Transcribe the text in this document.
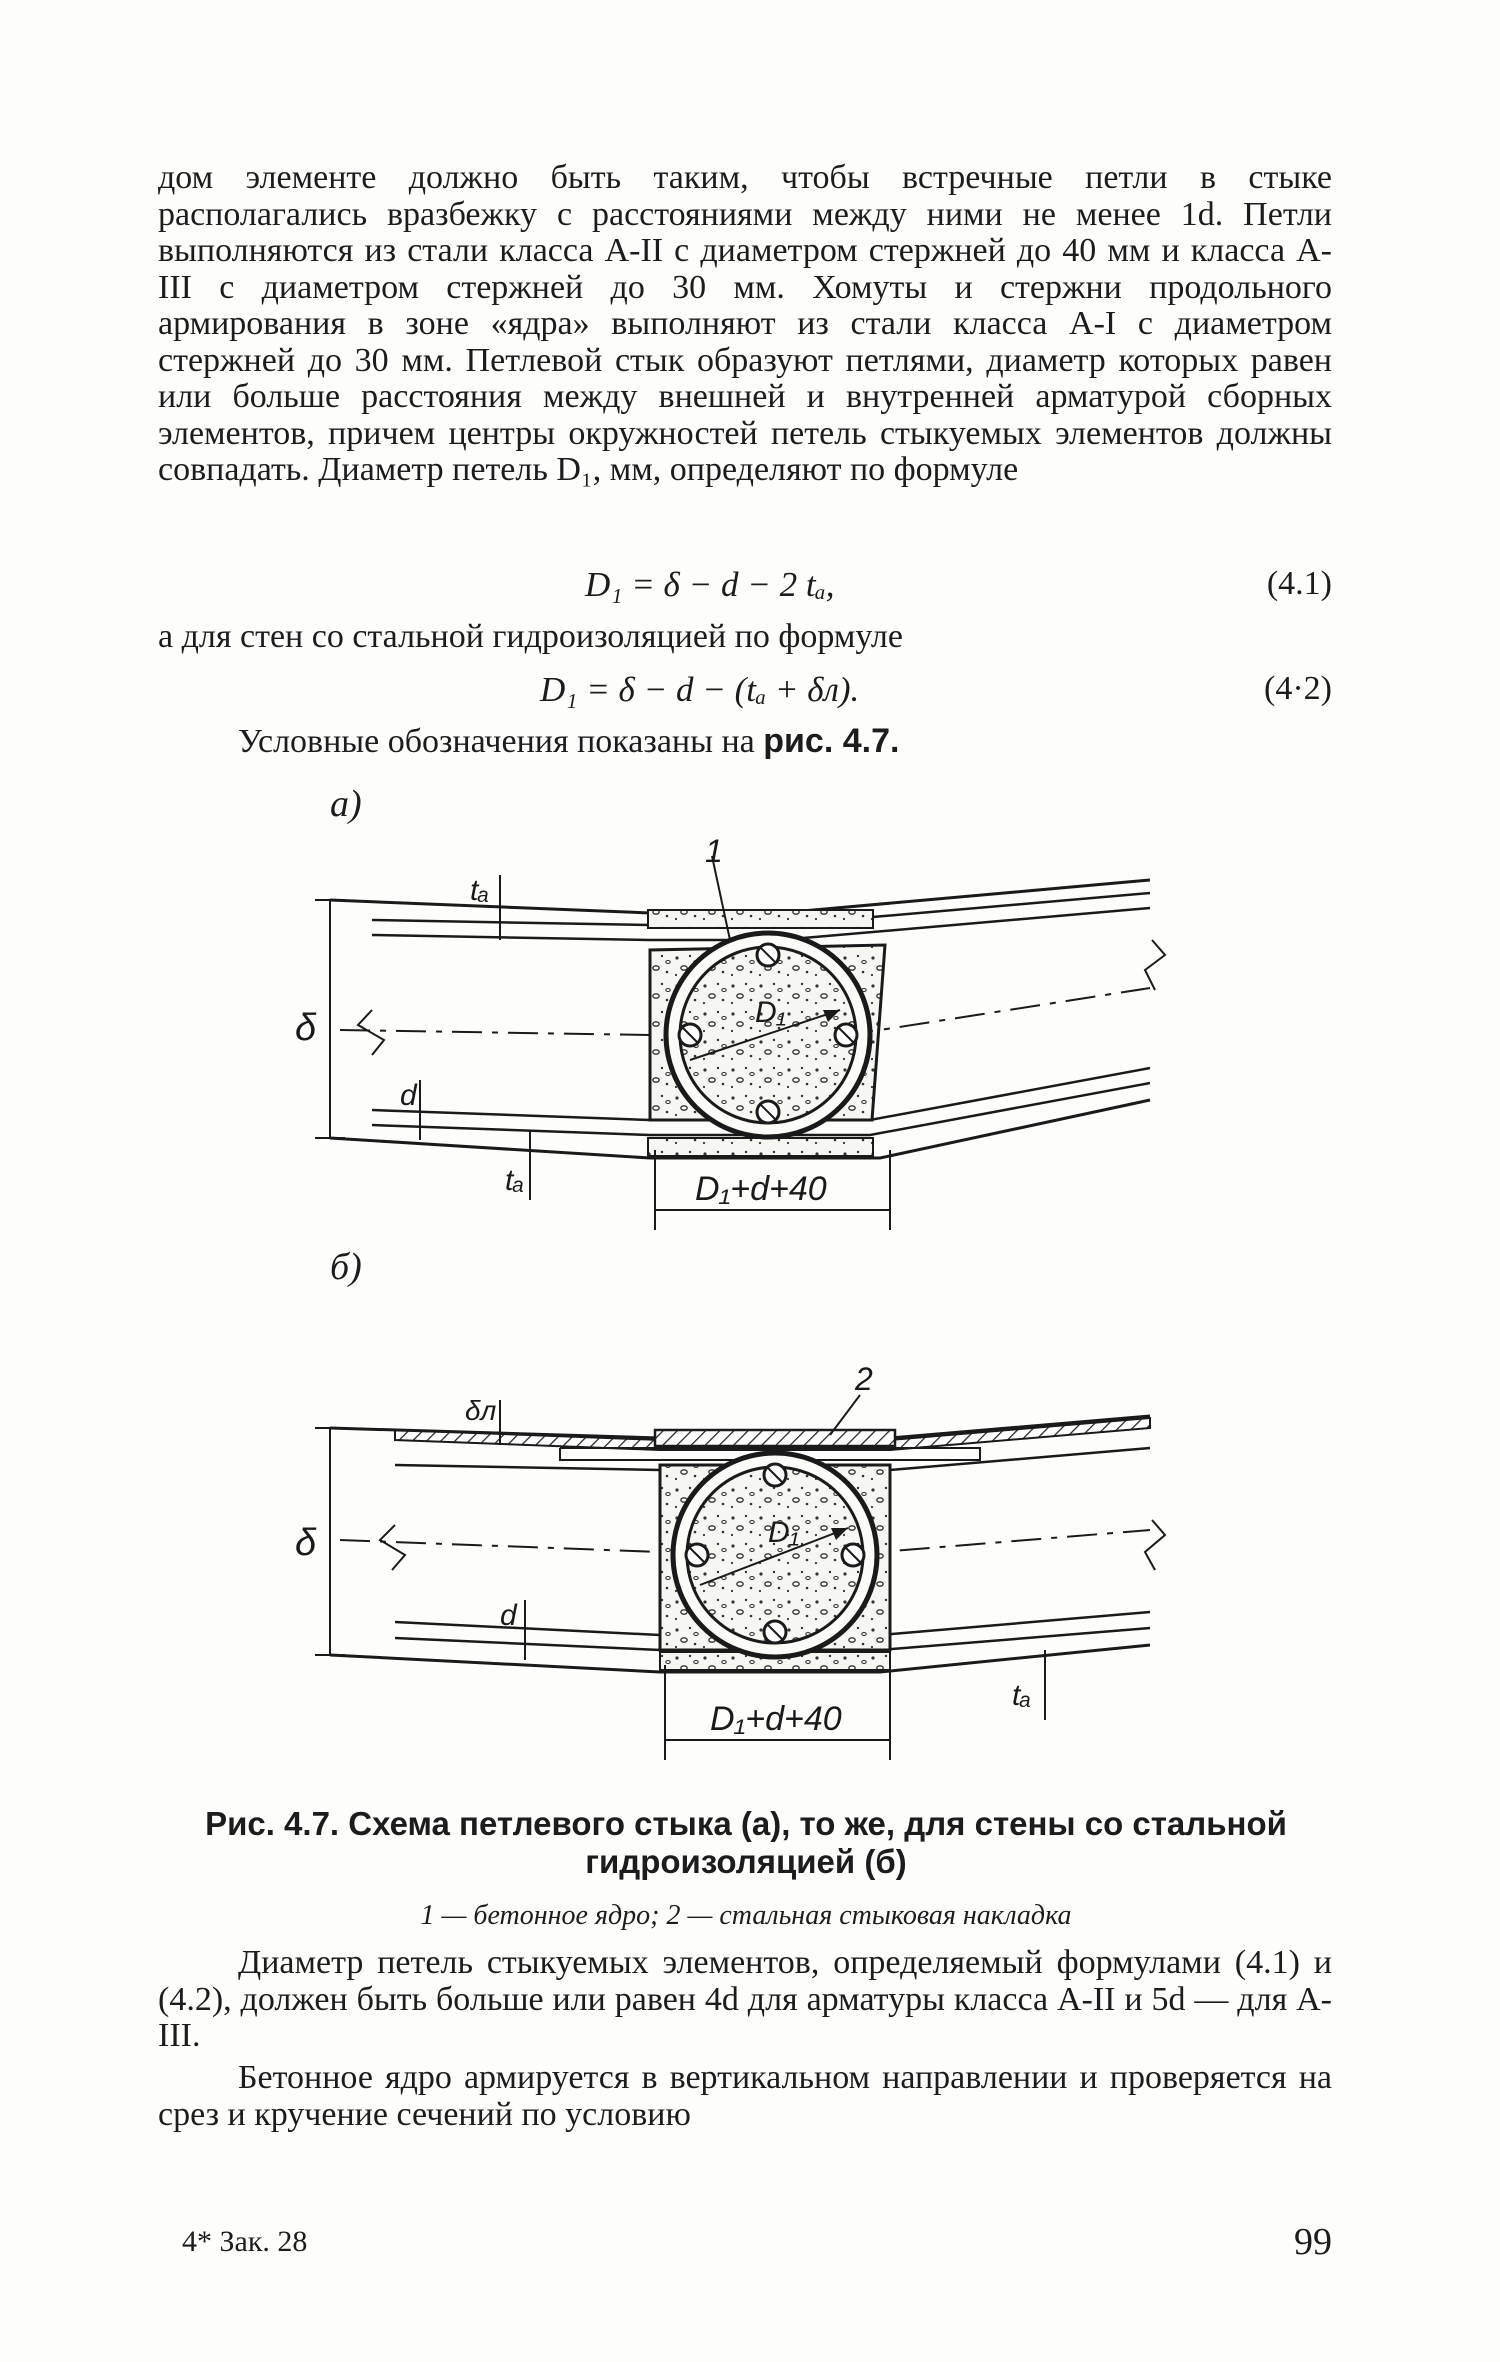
дом элементе должно быть таким, чтобы встречные петли в стыке располагались вразбежку с расстояниями между ними не менее 1d. Петли выполняются из стали класса A-II с диаметром стержней до 40 мм и класса A-III с диаметром стержней до 30 мм. Хомуты и стержни продольного армирования в зоне «ядра» выполняют из стали класса A-I с диаметром стержней до 30 мм. Петлевой стык образуют петлями, диаметр которых равен или больше расстояния между внешней и внутренней арматурой сборных элементов, причем центры окружностей петель стыкуемых элементов должны совпадать. Диаметр петель D₁, мм, определяют по формуле
D₁ = δ − d − 2 tₐ,	(4.1)
а для стен со стальной гидроизоляцией по формуле
D₁ = δ − d − (tₐ + δл).	(4·2)
Условные обозначения показаны на рис. 4.7.
а)
б)
1
D₁
D₁+d+40
tₐ
δ
d
tₐ
2
D₁
D₁+d+40
δл
δ
d
tₐ
Рис. 4.7. Схема петлевого стыка (а), то же, для стены со стальной гидроизоляцией (б)
1 — бетонное ядро; 2 — стальная стыковая накладка
Диаметр петель стыкуемых элементов, определяемый формулами (4.1) и (4.2), должен быть больше или равен 4d для арматуры класса A-II и 5d — для A-III.
Бетонное ядро армируется в вертикальном направлении и проверяется на срез и кручение сечений по условию
4* Зак. 28	99
